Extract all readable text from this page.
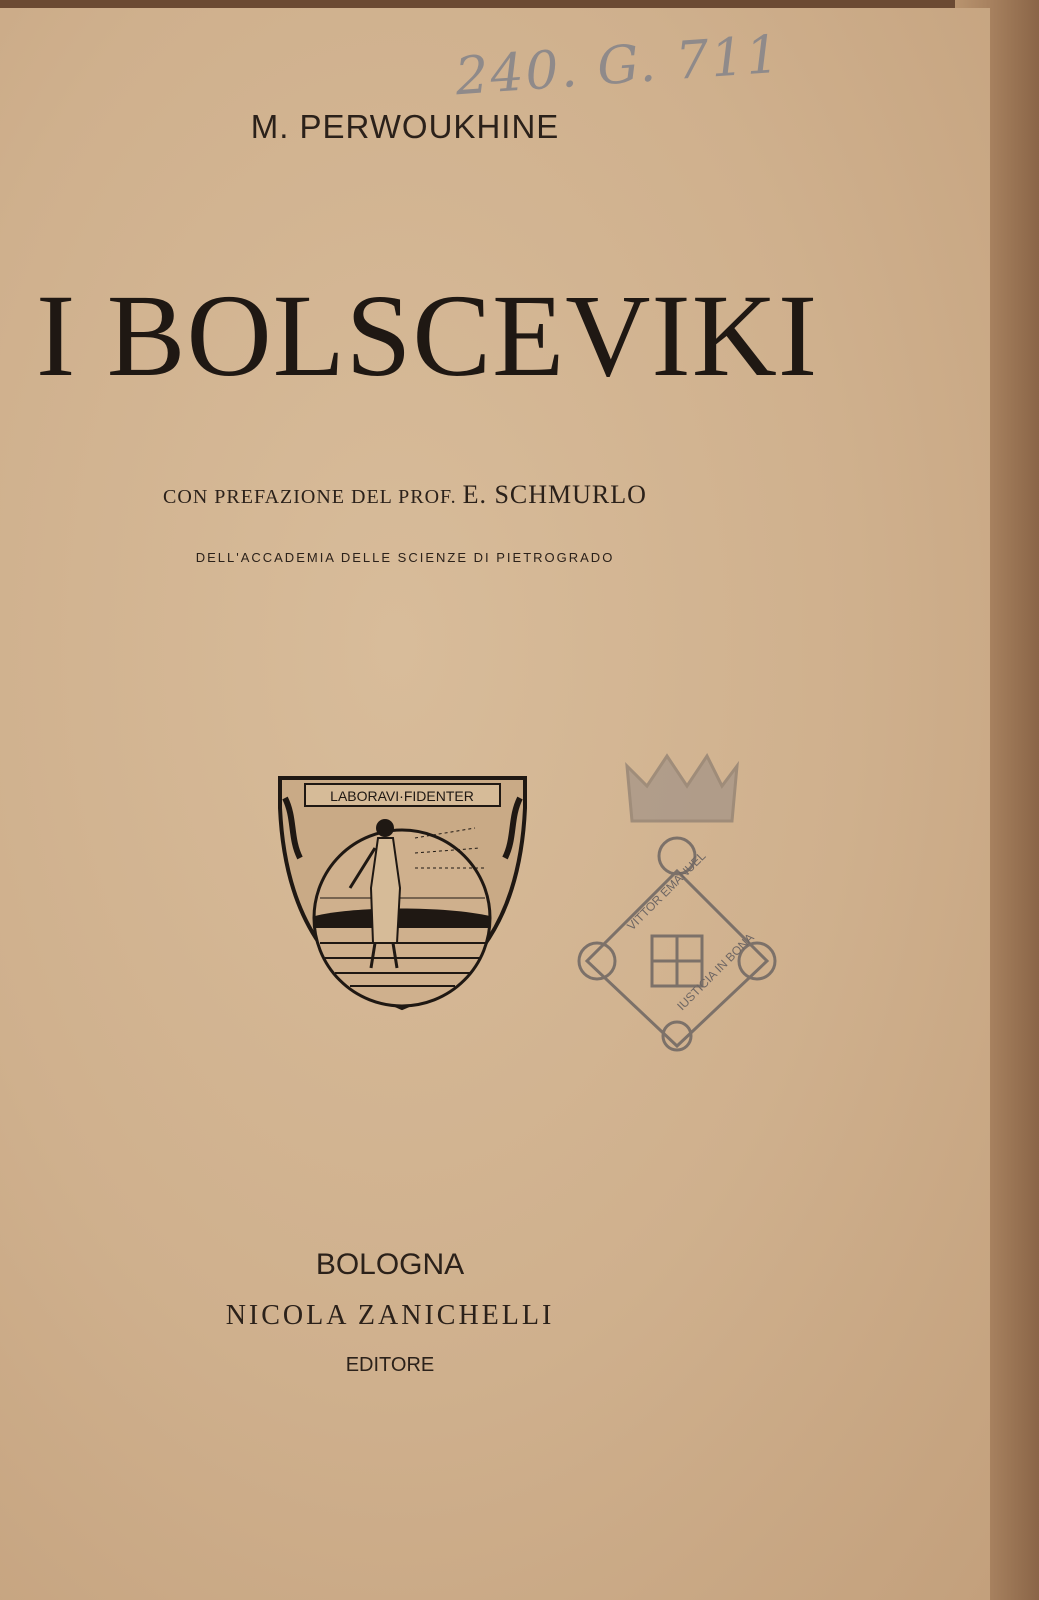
240. G. 711
M. PERWOUKHINE
I BOLSCEVIKI
CON PREFAZIONE DEL PROF. E. SCHMURLO
DELL'ACCADEMIA DELLE SCIENZE DI PIETROGRADO
LABORAVI·FIDENTER
VITTOR EMANUEL
IUSTICIA IN BONA
BOLOGNA
NICOLA ZANICHELLI
EDITORE
